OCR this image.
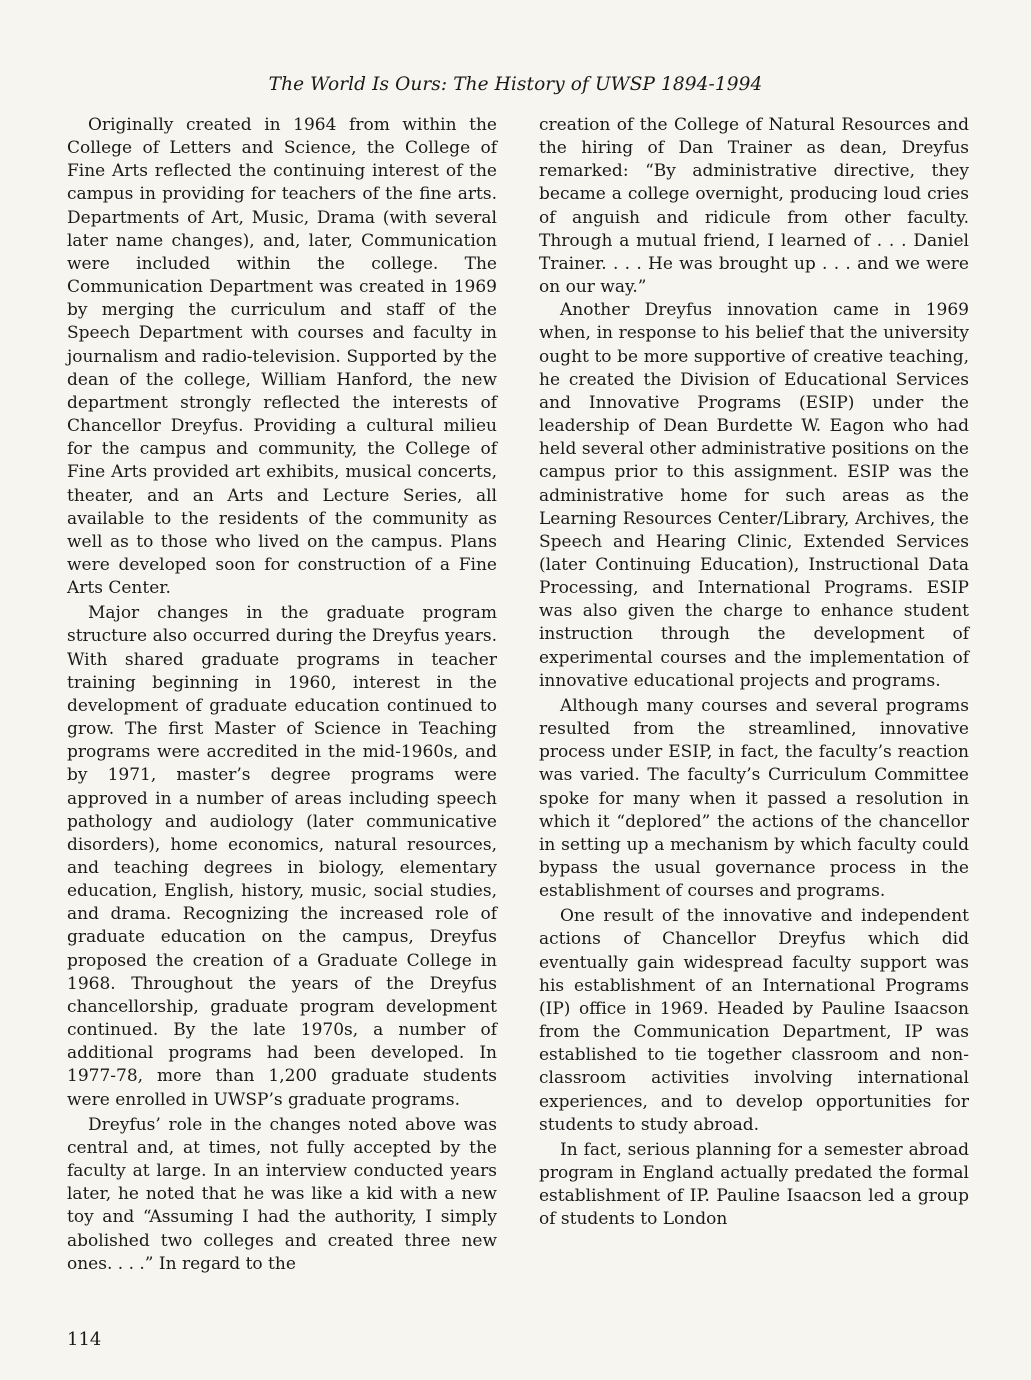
The World Is Ours: The History of UWSP 1894-1994

Originally created in 1964 from within the College of Letters and Science, the College of Fine Arts reflected the continuing interest of the campus in providing for teachers of the fine arts. Departments of Art, Music, Drama (with several later name changes), and, later, Communication were included within the college. The Communication Department was created in 1969 by merging the curriculum and staff of the Speech Department with courses and faculty in journalism and radio-television. Supported by the dean of the college, William Hanford, the new department strongly reflected the interests of Chancellor Dreyfus. Providing a cultural milieu for the campus and community, the College of Fine Arts provided art exhibits, musical concerts, theater, and an Arts and Lecture Series, all available to the residents of the community as well as to those who lived on the campus. Plans were developed soon for construction of a Fine Arts Center.

Major changes in the graduate program structure also occurred during the Dreyfus years. With shared graduate programs in teacher training beginning in 1960, interest in the development of graduate education continued to grow. The first Master of Science in Teaching programs were accredited in the mid-1960s, and by 1971, master’s degree programs were approved in a number of areas including speech pathology and audiology (later communicative disorders), home economics, natural resources, and teaching degrees in biology, elementary education, English, history, music, social studies, and drama. Recognizing the increased role of graduate education on the campus, Dreyfus proposed the creation of a Graduate College in 1968. Throughout the years of the Dreyfus chancellorship, graduate program development continued. By the late 1970s, a number of additional programs had been developed. In 1977-78, more than 1,200 graduate students were enrolled in UWSP’s graduate programs.

Dreyfus’ role in the changes noted above was central and, at times, not fully accepted by the faculty at large. In an interview conducted years later, he noted that he was like a kid with a new toy and “Assuming I had the authority, I simply abolished two colleges and created three new ones. . . .” In regard to the

creation of the College of Natural Resources and the hiring of Dan Trainer as dean, Dreyfus remarked: “By administrative directive, they became a college overnight, producing loud cries of anguish and ridicule from other faculty. Through a mutual friend, I learned of . . . Daniel Trainer. . . . He was brought up . . . and we were on our way.”

Another Dreyfus innovation came in 1969 when, in response to his belief that the university ought to be more supportive of creative teaching, he created the Division of Educational Services and Innovative Programs (ESIP) under the leadership of Dean Burdette W. Eagon who had held several other administrative positions on the campus prior to this assignment. ESIP was the administrative home for such areas as the Learning Resources Center/Library, Archives, the Speech and Hearing Clinic, Extended Services (later Continuing Education), Instructional Data Processing, and International Programs. ESIP was also given the charge to enhance student instruction through the development of experimental courses and the implementation of innovative educational projects and programs.

Although many courses and several programs resulted from the streamlined, innovative process under ESIP, in fact, the faculty’s reaction was varied. The faculty’s Curriculum Committee spoke for many when it passed a resolution in which it “deplored” the actions of the chancellor in setting up a mechanism by which faculty could bypass the usual governance process in the establishment of courses and programs.

One result of the innovative and independent actions of Chancellor Dreyfus which did eventually gain widespread faculty support was his establishment of an International Programs (IP) office in 1969. Headed by Pauline Isaacson from the Communication Department, IP was established to tie together classroom and non-classroom activities involving international experiences, and to develop opportunities for students to study abroad.

In fact, serious planning for a semester abroad program in England actually predated the formal establishment of IP. Pauline Isaacson led a group of students to London

114
